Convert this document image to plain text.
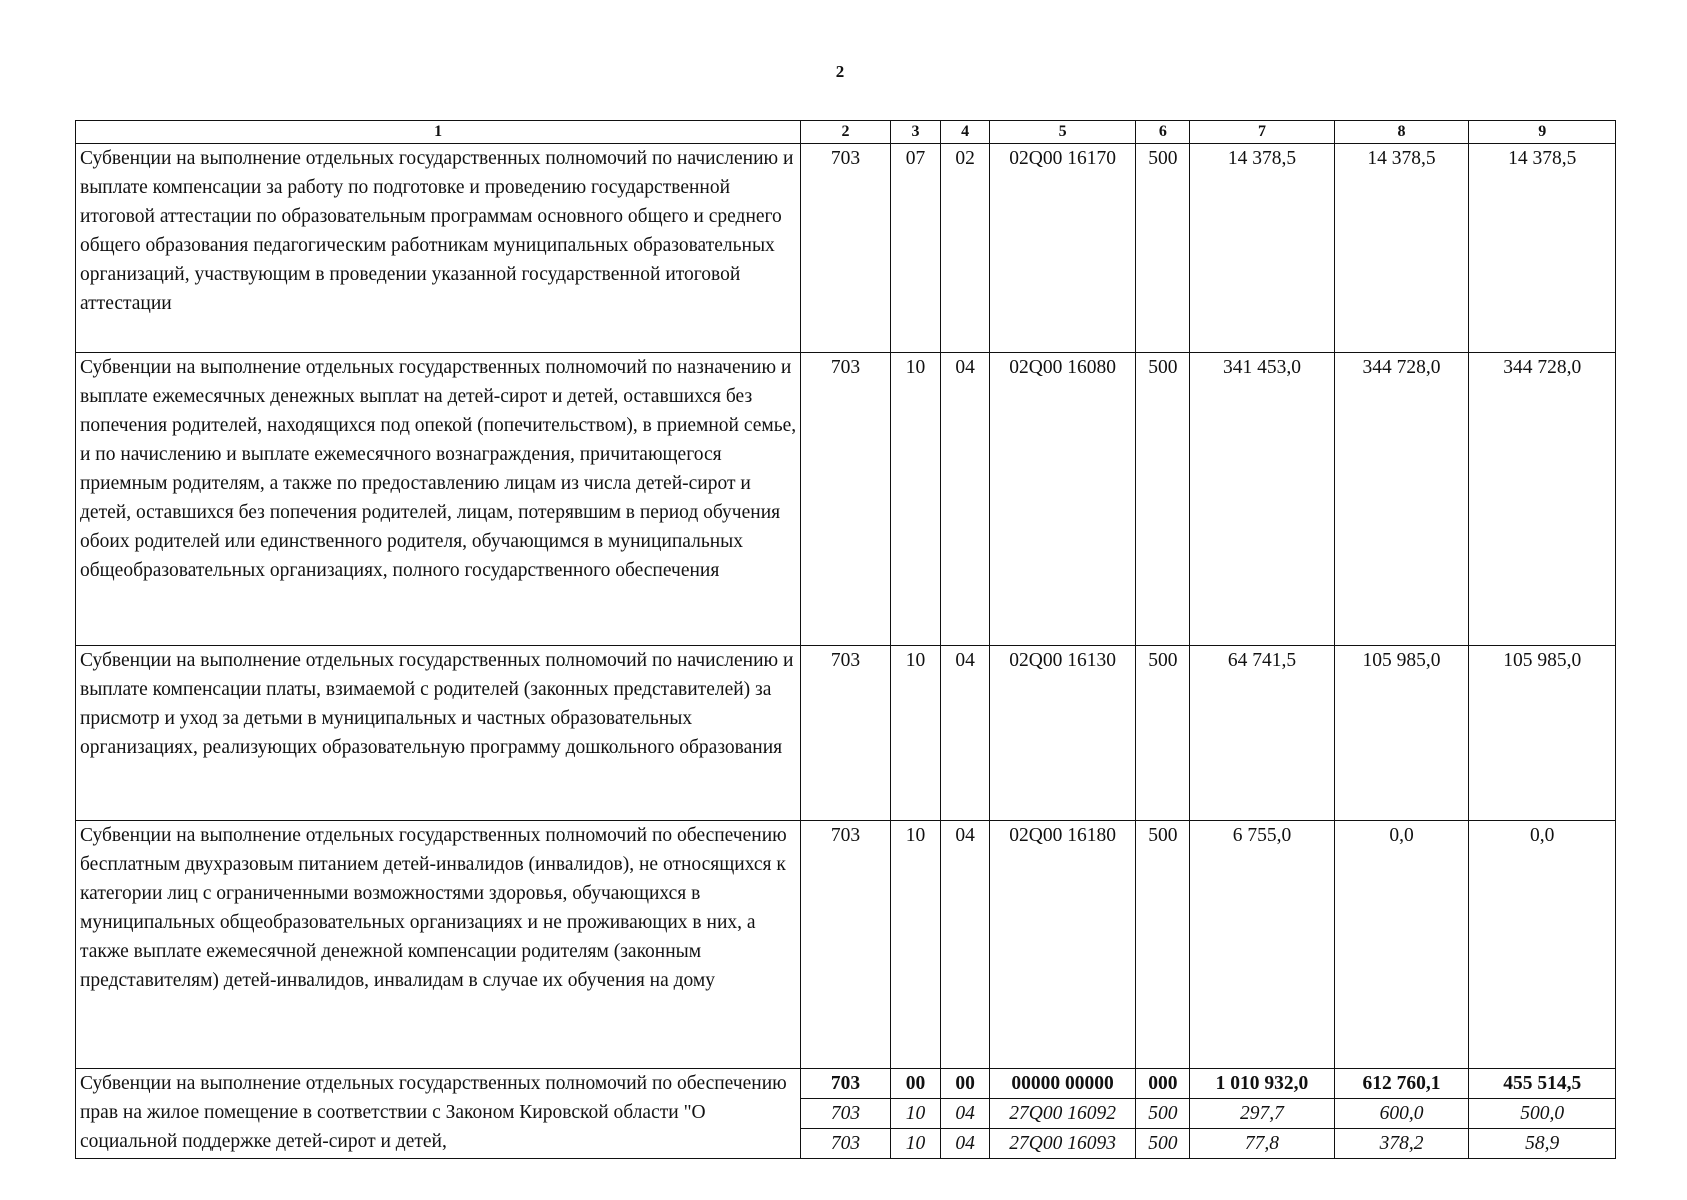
2
1	2	3	4	5	6	7	8	9
Субвенции на выполнение отдельных государственных полномочий по начислению и выплате компенсации за работу по подготовке и проведению государственной итоговой аттестации по образовательным программам основного общего и среднего общего образования педагогическим работникам муниципальных образовательных организаций, участвующим в проведении указанной государственной итоговой аттестации	703	07	02	02Q00 16170	500	14 378,5	14 378,5	14 378,5
Субвенции на выполнение отдельных государственных полномочий по назначению и выплате ежемесячных денежных выплат на детей-сирот и детей, оставшихся без попечения родителей, находящихся под опекой (попечительством), в приемной семье, и по начислению и выплате ежемесячного вознаграждения, причитающегося приемным родителям, а также по предоставлению лицам из числа детей-сирот и детей, оставшихся без попечения родителей, лицам, потерявшим в период обучения обоих родителей или единственного родителя, обучающимся в муниципальных общеобразовательных организациях, полного государственного обеспечения	703	10	04	02Q00 16080	500	341 453,0	344 728,0	344 728,0
Субвенции на выполнение отдельных государственных полномочий по начислению и выплате компенсации платы, взимаемой с родителей (законных представителей) за присмотр и уход за детьми в муниципальных и частных образовательных организациях, реализующих образовательную программу дошкольного образования	703	10	04	02Q00 16130	500	64 741,5	105 985,0	105 985,0
Субвенции на выполнение отдельных государственных полномочий по обеспечению бесплатным двухразовым питанием детей-инвалидов (инвалидов), не относящихся к категории лиц с ограниченными возможностями здоровья, обучающихся в муниципальных общеобразовательных организациях и не проживающих в них, а также выплате ежемесячной денежной компенсации родителям (законным представителям) детей-инвалидов, инвалидам в случае их обучения на дому	703	10	04	02Q00 16180	500	6 755,0	0,0	0,0
Субвенции на выполнение отдельных государственных полномочий по обеспечению прав на жилое помещение в соответствии с Законом Кировской области "О социальной поддержке детей-сирот и детей,	703	00	00	00000 00000	000	1 010 932,0	612 760,1	455 514,5
	703	10	04	27Q00 16092	500	297,7	600,0	500,0
	703	10	04	27Q00 16093	500	77,8	378,2	58,9
